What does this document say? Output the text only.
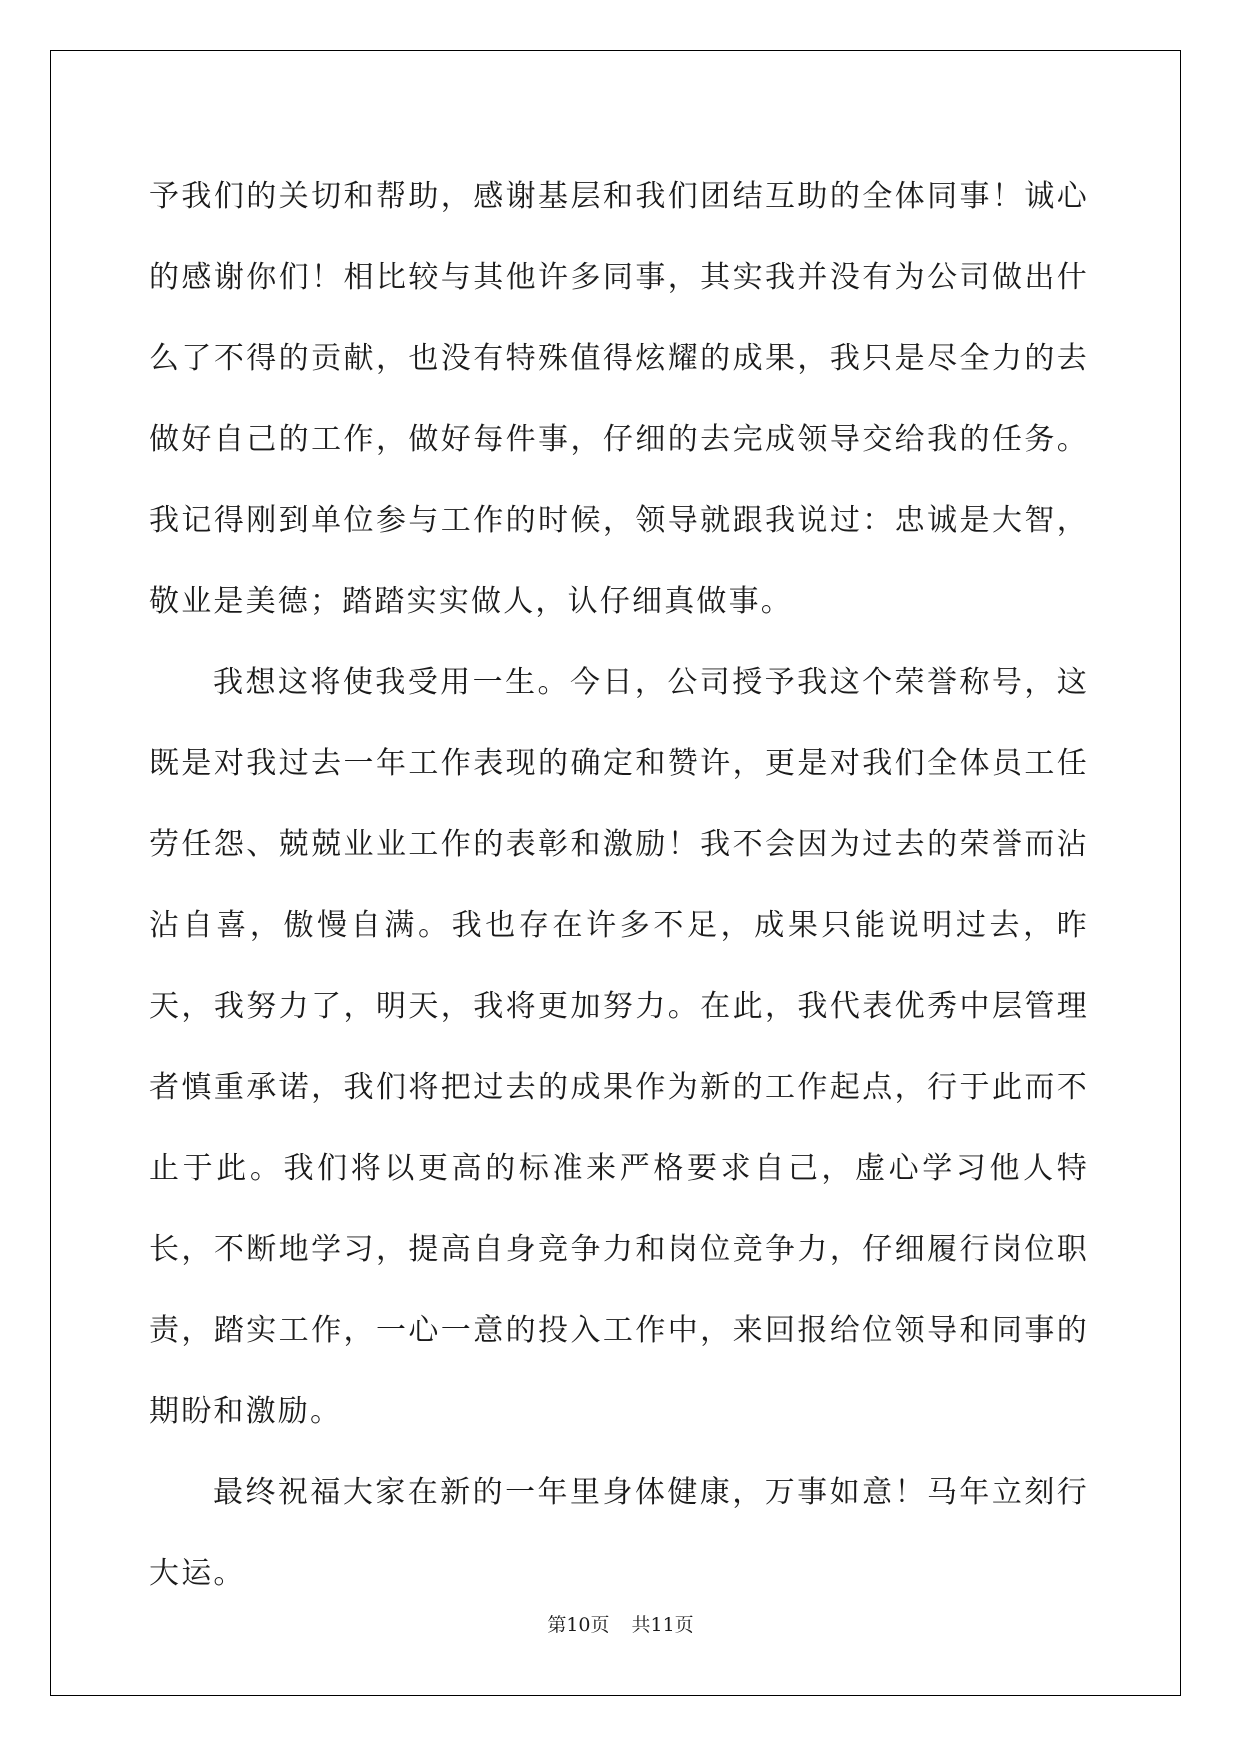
予我们的关切和帮助，感谢基层和我们团结互助的全体同事！诚心的感谢你们！相比较与其他许多同事，其实我并没有为公司做出什么了不得的贡献，也没有特殊值得炫耀的成果，我只是尽全力的去做好自己的工作，做好每件事，仔细的去完成领导交给我的任务。我记得刚到单位参与工作的时候，领导就跟我说过：忠诚是大智，敬业是美德；踏踏实实做人，认仔细真做事。

我想这将使我受用一生。今日，公司授予我这个荣誉称号，这既是对我过去一年工作表现的确定和赞许，更是对我们全体员工任劳任怨、兢兢业业工作的表彰和激励！我不会因为过去的荣誉而沾沾自喜，傲慢自满。我也存在许多不足，成果只能说明过去，昨天，我努力了，明天，我将更加努力。在此，我代表优秀中层管理者慎重承诺，我们将把过去的成果作为新的工作起点，行于此而不止于此。我们将以更高的标准来严格要求自己，虚心学习他人特长，不断地学习，提高自身竞争力和岗位竞争力，仔细履行岗位职责，踏实工作，一心一意的投入工作中，来回报给位领导和同事的期盼和激励。

最终祝福大家在新的一年里身体健康，万事如意！马年立刻行大运。

第10页 共11页
